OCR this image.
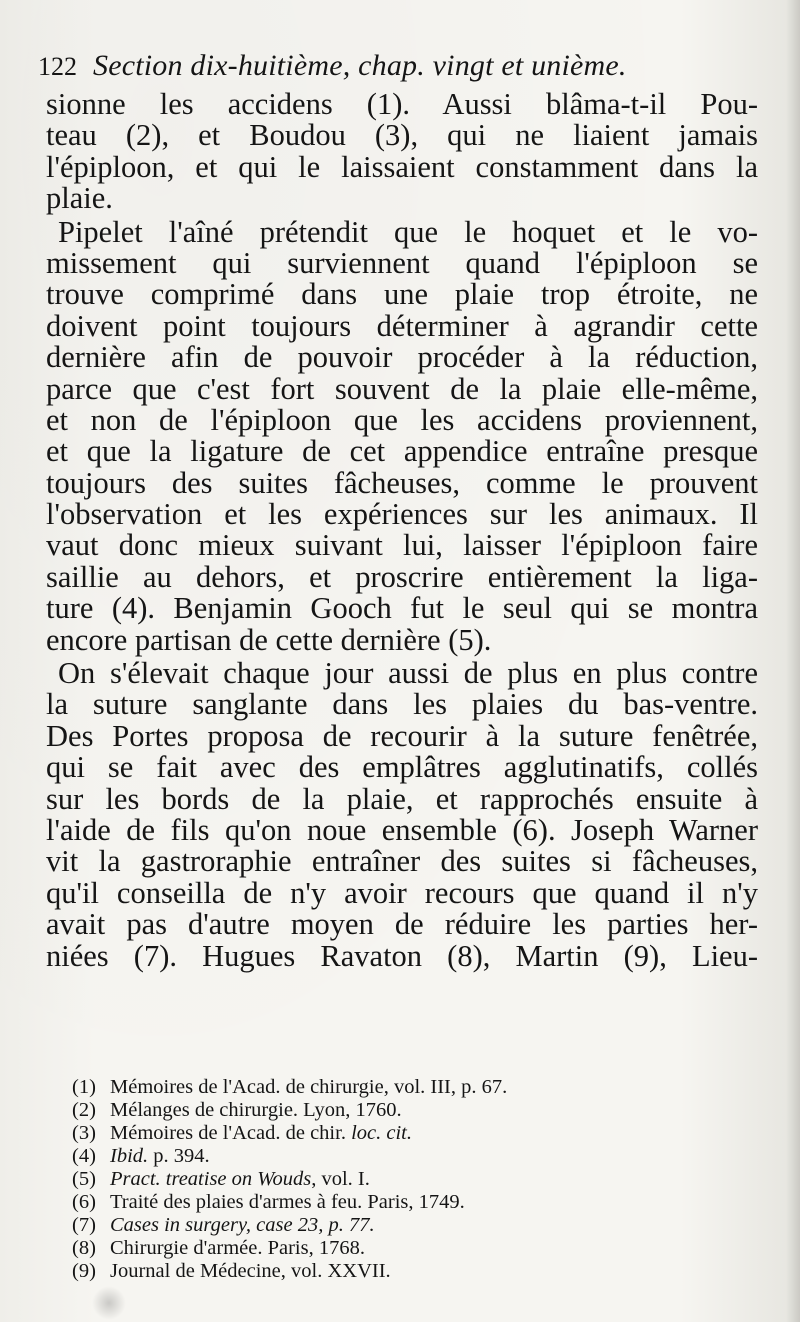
122 Section dix-huitième, chap. vingt et unième.
sionne les accidens (1). Aussi blâma-t-il Pou-
teau (2), et Boudou (3), qui ne liaient jamais
l'épiploon, et qui le laissaient constamment dans la
plaie.
Pipelet l'aîné prétendit que le hoquet et le vo-
missement qui surviennent quand l'épiploon se
trouve comprimé dans une plaie trop étroite, ne
doivent point toujours déterminer à agrandir cette
dernière afin de pouvoir procéder à la réduction,
parce que c'est fort souvent de la plaie elle-même,
et non de l'épiploon que les accidens proviennent,
et que la ligature de cet appendice entraîne presque
toujours des suites fâcheuses, comme le prouvent
l'observation et les expériences sur les animaux. Il
vaut donc mieux suivant lui, laisser l'épiploon faire
saillie au dehors, et proscrire entièrement la liga-
ture (4). Benjamin Gooch fut le seul qui se montra
encore partisan de cette dernière (5).
On s'élevait chaque jour aussi de plus en plus contre
la suture sanglante dans les plaies du bas-ventre.
Des Portes proposa de recourir à la suture fenêtrée,
qui se fait avec des emplâtres agglutinatifs, collés
sur les bords de la plaie, et rapprochés ensuite à
l'aide de fils qu'on noue ensemble (6). Joseph Warner
vit la gastroraphie entraîner des suites si fâcheuses,
qu'il conseilla de n'y avoir recours que quand il n'y
avait pas d'autre moyen de réduire les parties her-
niées (7). Hugues Ravaton (8), Martin (9), Lieu-
(1) Mémoires de l'Acad. de chirurgie, vol. III, p. 67.
(2) Mélanges de chirurgie. Lyon, 1760.
(3) Mémoires de l'Acad. de chir. loc. cit.
(4) Ibid. p. 394.
(5) Pract. treatise on Wouds, vol. I.
(6) Traité des plaies d'armes à feu. Paris, 1749.
(7) Cases in surgery, case 23, p. 77.
(8) Chirurgie d'armée. Paris, 1768.
(9) Journal de Médecine, vol. XXVII.
